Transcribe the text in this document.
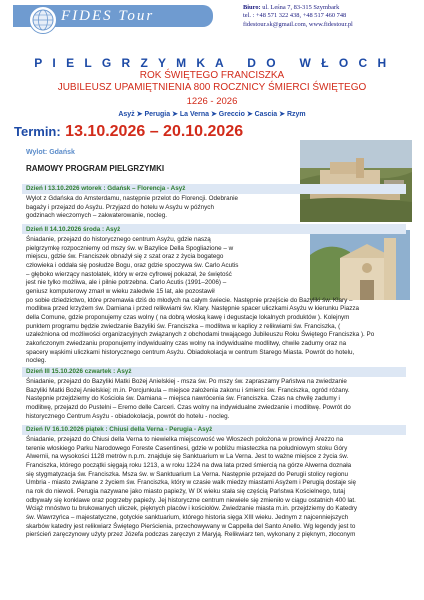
FIDES Tour
Biuro: ul. Leśna 7, 83-315 Szymbark
tel. : +48 571 322 438, +48 517 460 748
fidestour.sk@gmail.com, www.fidestour.pl
P I E L G R Z Y M K A   D O   W Ł O C H
ROK ŚWIĘTEGO FRANCISZKA
JUBILEUSZ UPAMIĘTNIENIA 800 ROCZNICY ŚMIERCI ŚWIĘTEGO
1226 - 2026
Asyż ➤ Perugia ➤ La Verna ➤ Greccio ➤ Cascia ➤ Rzym
Termin: 13.10.2026 – 20.10.2026
Wylot: Gdańsk
RAMOWY PROGRAM PIELGRZYMKI
Dzień I 13.10.2026 wtorek : Gdańsk – Florencja - Asyż
Wylot z Gdańska do Amsterdamu, następnie przelot do Florencji. Odebranie
bagaży i przejazd do Asyżu. Przyjazd do hotelu w Asyżu w późnych
godzinach wieczornych – zakwaterowanie, nocleg.
Dzień II 14.10.2026 środa : Asyż
Śniadanie, przejazd do historycznego centrum Asyżu, gdzie naszą
pielgrzymkę rozpoczniemy od mszy św. w Bazylice Della Spogliazione – w
miejscu, gdzie św. Franciszek obnażył się z szat oraz z życia bogatego
człowieka i oddała się posłudze Bogu, oraz gdzie spoczywa św. Carlo Acutis
– głęboko wierzący nastolatek, który w erze cyfrowej pokazał, że świętość
jest nie tylko możliwa, ale i pilnie potrzebna. Carlo Acutis (1991–2006) –
geniusz komputerowy zmarł w wieku zaledwie 15 lat, ale pozostawił
po sobie dziedzictwo, które przemawia dziś do młodych na całym świecie. Następnie przejście do Bazyliki św. Klary –
modlitwa przed krzyżem św. Damiana i przed relikwiami św. Klary. Następnie spacer uliczkami Asyżu w kierunku Piazza
della Comune, gdzie proponujemy czas wolny ( na dobrą włoską kawę i degustacje lokalnych produktów ). Kolejnym
punktem programu będzie zwiedzanie Bazyliki św. Franciszka – modlitwa w kaplicy z relikwiami św. Franciszka, (
uzależniona od możliwości organizacyjnych związanych z obchodami trwającego Jubileuszu Roku Świętego Franciszka ). Po
zakończonym zwiedzaniu proponujemy indywidualny czas wolny na indywidualne modlitwy, chwile zadumy oraz na
spacery wąskimi uliczkami historycznego centrum Asyżu. Obiadokolacja w centrum Starego Miasta. Powrót do hotelu,
nocleg.
Dzień III 15.10.2026 czwartek : Asyż
Śniadanie, przejazd do Bazyliki Matki Bożej Anielskiej - msza św. Po mszy św. zapraszamy Państwa na zwiedzanie
Bazyliki Matki Bożej Anielskiej: m.in. Porcjunkula – miejsce założenia zakonu i śmierci św. Franciszka, ogród różany.
Następnie przejdziemy do Kościoła św. Damiana – miejsca nawrócenia św. Franciszka. Czas na chwilę zadumy i
modlitwę, przejazd do Pustelni – Eremo delle Carceri. Czas wolny na indywidualne zwiedzanie i modlitwę. Powrót do
historycznego Centrum Asyżu - obiadokolacja, powrót do hotelu - nocleg.
Dzień IV 16.10.2026 piątek : Chiusi della Verna - Perugia - Asyż
Śniadanie, przejazd do Chiusi della Verna to niewielka miejscowość we Włoszech położona w prowincji Arezzo na
terenie włoskiego Parku Narodowego Foreste Casentinesi, gdzie w pobliżu miasteczka na południowym stoku Góry
Alwernii, na wysokości 1128 metrów n.p.m. znajduje się Sanktuarium w La Verna. Jest to ważne miejsce z życia św.
Franciszka, którego początki sięgają roku 1213, a w roku 1224 na dwa lata przed śmiercią na górze Alwerna doznała
się stygmatyzacja św. Franciszka. Msza św. w Sanktuarium La Verna. Następnie przejazd do Perugii stolicy regionu
Umbria - miasto związane z życiem św. Franciszka, który w czasie walk miedzy miastami Asyżem i Perugią dostaje się
na rok do niewoli. Perugia nazywane jako miasto papieży, W IX wieku stała się częścią Państwa Kościelnego, tutaj
odbywały się konklawe oraz pogrzeby papieży. Jej historyczne centrum niewiele się zmieniło w ciągu ostatnich 400 lat.
Wciąż mnóstwo tu brukowanych uliczek, pięknych placów i kościołów. Zwiedzanie miasta m.in. przejdziemy do Katedry
św. Wawrzyńca – majestatyczne, gotyckie sanktuarium, którego historia sięga XIII wieku. Jednym z najcenniejszych
skarbów katedry jest relikwiarz Świętego Pierścienia, przechowywany w Cappella del Santo Anello. Wg legendy jest to
pierścień zaręczynowy użyty przez Józefa podczas zaręczyn z Maryją. Relikwiarz ten, wykonany z pięknym, złoconym
